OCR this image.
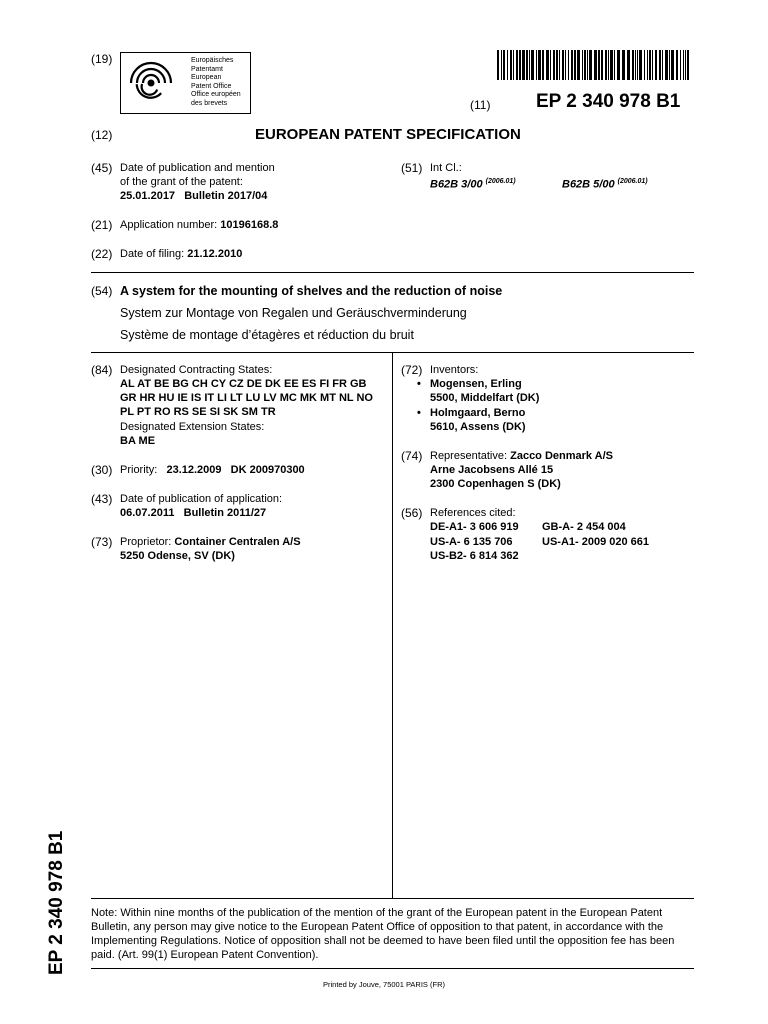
(19)	Europäisches
Patentamt
European
Patent Office
Office européen
des brevets	(11) EP 2 340 978 B1
(12)	EUROPEAN PATENT SPECIFICATION
(45) Date of publication and mention
of the grant of the patent:
25.01.2017 Bulletin 2017/04
(51) Int Cl.:
B62B 3/00 $^{(2006.01)}$	B62B 5/00 $^{(2006.01)}$
(21) Application number: 10196168.8
(22) Date of filing: 21.12.2010
(54) A system for the mounting of shelves and the reduction of noise
System zur Montage von Regalen und Geräuschverminderung
Système de montage d’étagères et réduction du bruit
(84) Designated Contracting States:
AL AT BE BG CH CY CZ DE DK EE ES FI FR GB
GR HR HU IE IS IT LI LT LU LV MC MK MT NL NO
PL PT RO RS SE SI SK SM TR
Designated Extension States:
BA ME
(30) Priority: 23.12.2009   DK 200970300
(43) Date of publication of application:
06.07.2011 Bulletin 2011/27
(73) Proprietor: Container Centralen A/S
5250 Odense, SV (DK)
(72) Inventors:
• Mogensen, Erling
5500, Middelfart (DK)
• Holmgaard, Berno
5610, Assens (DK)
(74) Representative: Zacco Denmark A/S
Arne Jacobsens Allé 15
2300 Copenhagen S (DK)
(56) References cited:
DE-A1- 3 606 919 GB-A- 2 454 004
US-A- 6 135 706	US-A1- 2009 020 661
US-B2- 6 814 362
EP 2 340 978 B1 Note: Within nine months of the publication of the mention of the grant of the European patent in the European Patent
Bulletin, any person may give notice to the European Patent Office of opposition to that patent, in accordance with the
Implementing Regulations. Notice of opposition shall not be deemed to have been filed until the opposition fee has been
paid. (Art. 99(1) European Patent Convention).
Printed by Jouve, 75001 PARIS (FR)
